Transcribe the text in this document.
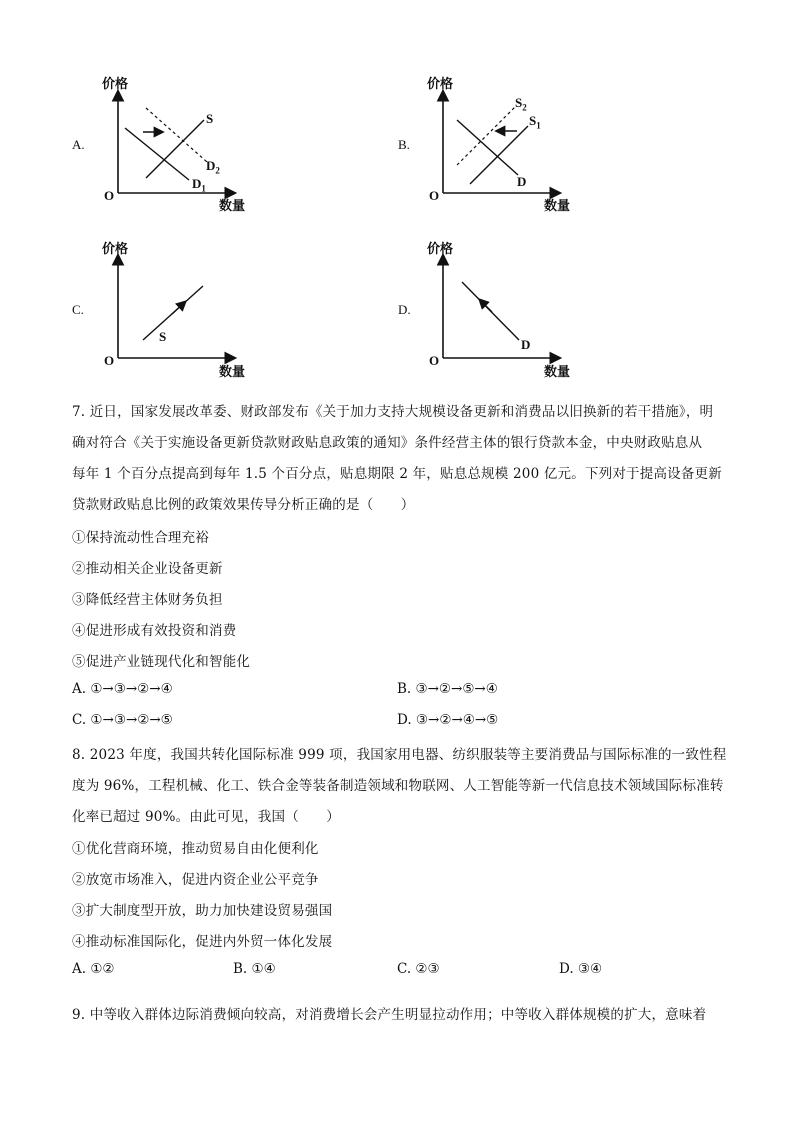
A.
价格
数量
O
S
$D_2$
$D_1$
B.
价格
数量
O
$S_2$
$S_1$
D
C.
价格
数量
O
S
D.
价格
数量
O
D
7. 近日，国家发展改革委、财政部发布《关于加力支持大规模设备更新和消费品以旧换新的若干措施》，明
确对符合《关于实施设备更新贷款财政贴息政策的通知》条件经营主体的银行贷款本金，中央财政贴息从
每年 1 个百分点提高到每年 1.5 个百分点，贴息期限 2 年，贴息总规模 200 亿元。下列对于提高设备更新
贷款财政贴息比例的政策效果传导分析正确的是（　　）
①保持流动性合理充裕
②推动相关企业设备更新
③降低经营主体财务负担
④促进形成有效投资和消费
⑤促进产业链现代化和智能化
A. ①→③→②→④	B. ③→②→⑤→④
C. ①→③→②→⑤	D. ③→②→④→⑤
8. 2023 年度，我国共转化国际标准 999 项，我国家用电器、纺织服装等主要消费品与国际标准的一致性程
度为 96%，工程机械、化工、铁合金等装备制造领域和物联网、人工智能等新一代信息技术领域国际标准转
化率已超过 90%。由此可见，我国（　　）
①优化营商环境，推动贸易自由化便利化
②放宽市场准入，促进内资企业公平竞争
③扩大制度型开放，助力加快建设贸易强国
④推动标准国际化，促进内外贸一体化发展
A. ①②	B. ①④	C. ②③	D. ③④
9. 中等收入群体边际消费倾向较高，对消费增长会产生明显拉动作用；中等收入群体规模的扩大，意味着
